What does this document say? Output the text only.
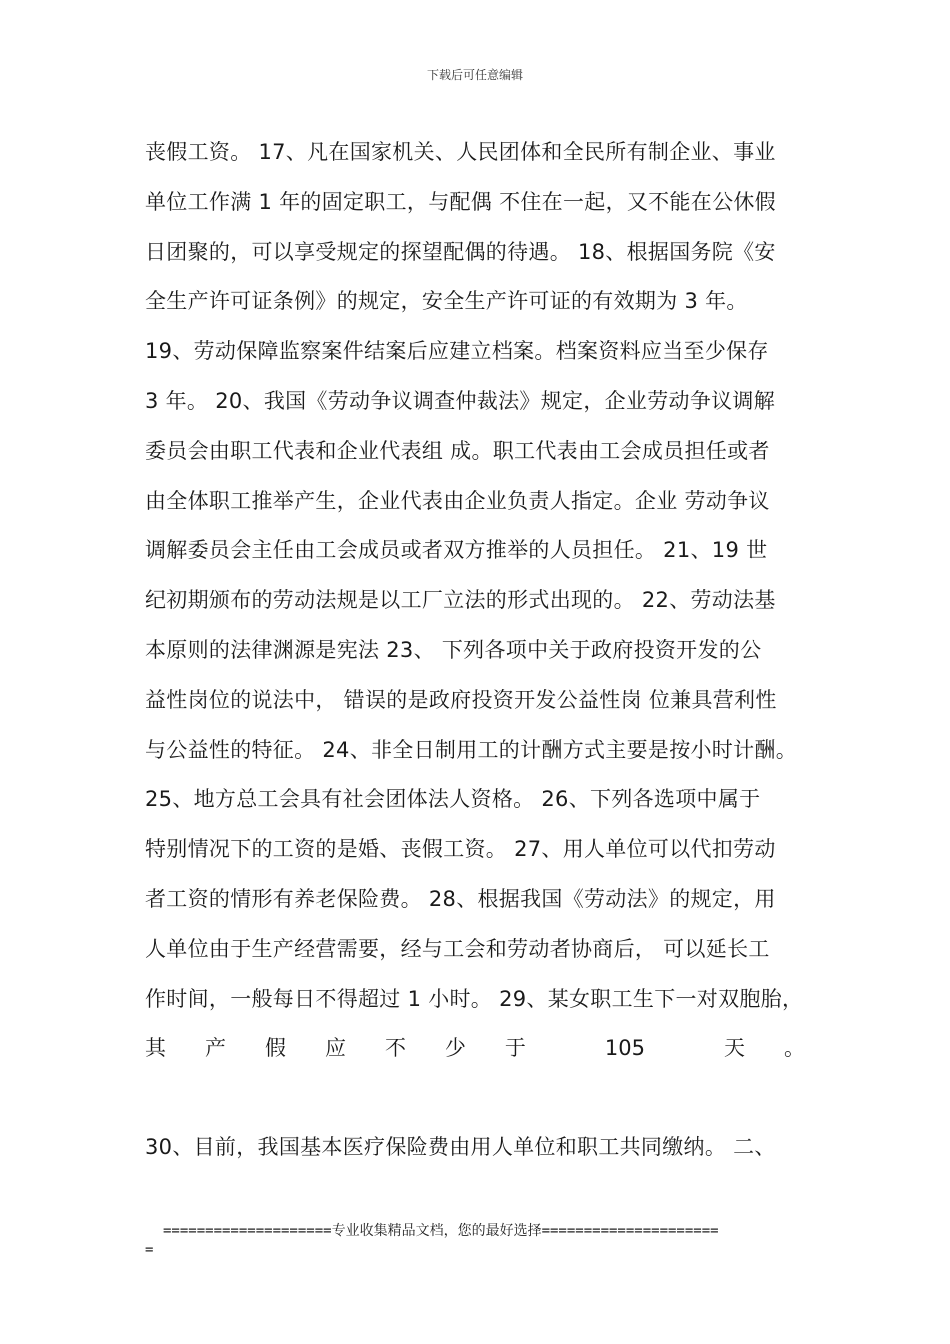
下载后可任意编辑
丧假工资。 17、凡在国家机关、人民团体和全民所有制企业、事业
单位工作满 1 年的固定职工，与配偶 不住在一起，又不能在公休假
日团聚的，可以享受规定的探望配偶的待遇。 18、根据国务院《安
全生产许可证条例》的规定，安全生产许可证的有效期为 3 年。
19、劳动保障监察案件结案后应建立档案。档案资料应当至少保存
3 年。 20、我国《劳动争议调查仲裁法》规定，企业劳动争议调解
委员会由职工代表和企业代表组 成。职工代表由工会成员担任或者
由全体职工推举产生，企业代表由企业负责人指定。企业 劳动争议
调解委员会主任由工会成员或者双方推举的人员担任。 21、19 世
纪初期颁布的劳动法规是以工厂立法的形式出现的。 22、劳动法基
本原则的法律渊源是宪法 23、 下列各项中关于政府投资开发的公
益性岗位的说法中， 错误的是政府投资开发公益性岗 位兼具营利性
与公益性的特征。 24、非全日制用工的计酬方式主要是按小时计酬。
25、地方总工会具有社会团体法人资格。 26、下列各选项中属于
特别情况下的工资的是婚、丧假工资。 27、用人单位可以代扣劳动
者工资的情形有养老保险费。 28、根据我国《劳动法》的规定，用
人单位由于生产经营需要，经与工会和劳动者协商后， 可以延长工
作时间，一般每日不得超过 1 小时。 29、某女职工生下一对双胞胎，
其 产 假 应 不 少 于	105	天 。
30、目前，我国基本医疗保险费由用人单位和职工共同缴纳。 二、
====================专业收集精品文档，您的最好选择=====================
=
